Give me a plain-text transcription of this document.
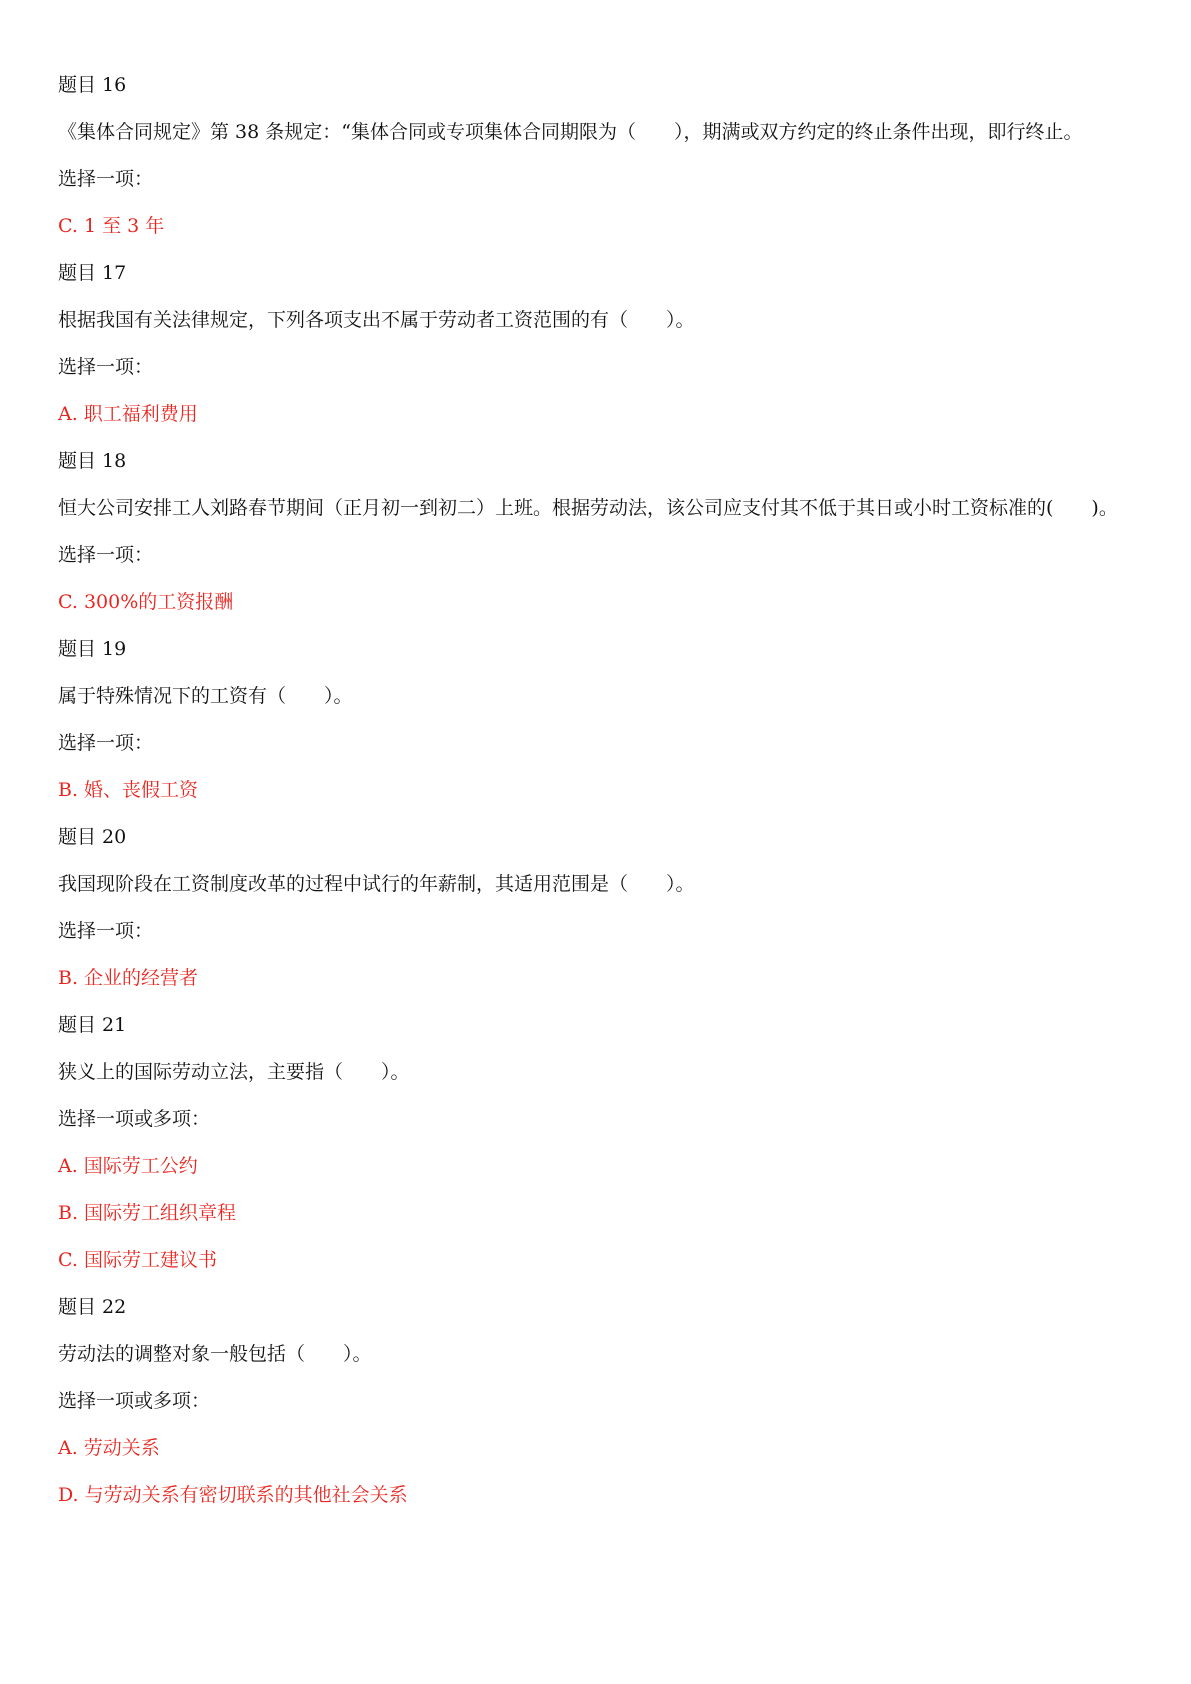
题目 16

《集体合同规定》第 38 条规定：“集体合同或专项集体合同期限为（　　），期满或双方约定的终止条件出现，即行终止。

选择一项：

C. 1 至 3 年

题目 17

根据我国有关法律规定，下列各项支出不属于劳动者工资范围的有（　　）。

选择一项：

A. 职工福利费用

题目 18

恒大公司安排工人刘路春节期间（正月初一到初二）上班。根据劳动法，该公司应支付其不低于其日或小时工资标准的(　　)。

选择一项：

C. 300%的工资报酬

题目 19

属于特殊情况下的工资有（　　）。

选择一项：

B. 婚、丧假工资

题目 20

我国现阶段在工资制度改革的过程中试行的年薪制，其适用范围是（　　）。

选择一项：

B. 企业的经营者

题目 21

狭义上的国际劳动立法，主要指（　　）。

选择一项或多项：

A. 国际劳工公约

B. 国际劳工组织章程

C. 国际劳工建议书

题目 22

劳动法的调整对象一般包括（　　）。

选择一项或多项：

A. 劳动关系

D. 与劳动关系有密切联系的其他社会关系
